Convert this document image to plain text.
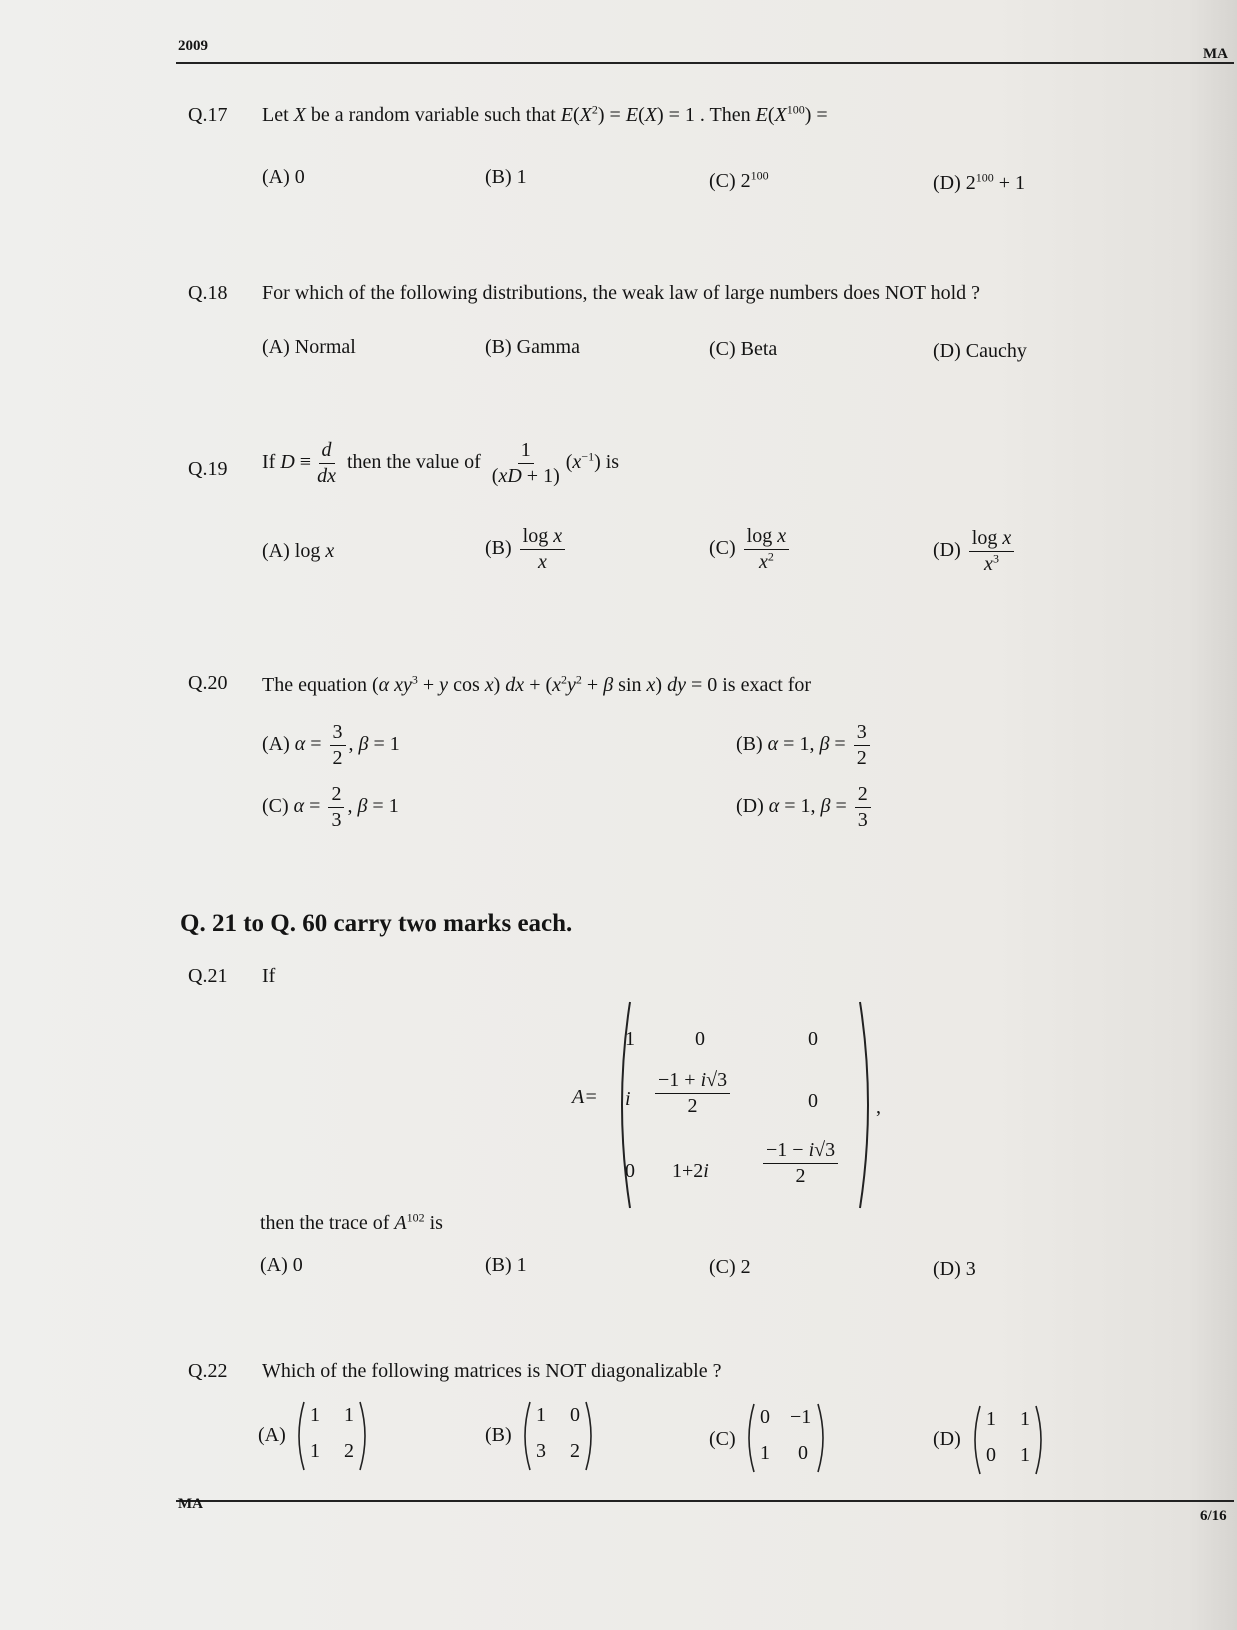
2009	MA
Q.17 Let X be a random variable such that $E(X^2) = E(X) = 1$ . Then $E(X^{100})$ =
(A) 0	(B) 1	(C) $2^{100}$	(D) $2^{100} + 1$
Q.18 For which of the following distributions, the weak law of large numbers does NOT hold ?
(A) Normal	(B) Gamma	(C) Beta	(D) Cauchy
Q.19 If $D \equiv \frac{d}{dx}$ then the value of $\frac{1}{(xD + 1)} (x^{-1})$ is
(A) log x	$(B) \frac{\text{log x}}{x}$	$(C) \frac{\text{log x}}{x^2}$	$(D) \frac{\text{log x}}{x^3}$
Q.20 The equation (α $xy^3 + y$ cos x) dx + ($x^2y^2 + \beta$ sin x) dy = 0 is exact for
(A) $\alpha = \frac{3}{2}$ , β = 1	(B) α = 1, $\beta = \frac{3}{2}$
(C) $\alpha = \frac{2}{3}$ , β = 1	(D) α = 1, $\beta = \frac{2}{3}$
Q. 21 to Q. 60 carry two marks each.
Q.21 If
A=
1	0	0
i $\frac{-1 + i√3}{2}$	0
0 1+2i	$\frac{-1 - i√3}{2}$
,
then the trace of $A^{102}$ is
(A) 0	(B) 1	(C) 2	(D) 3
Q.22 Which of the following matrices is NOT diagonalizable ?
(A)
1 1
1 2
(B)
1 0
3 2
(C)
0 −1
1 0
(D)
1 1
0 1
MA
6/16
